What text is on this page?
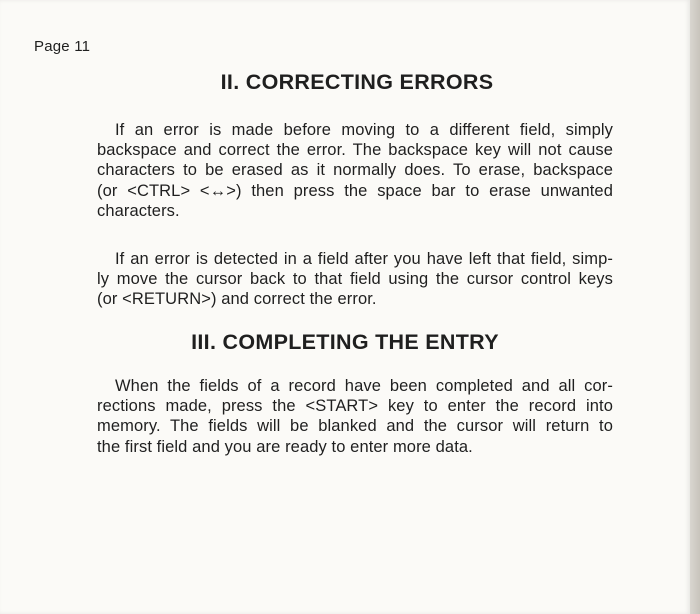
Page 11
II. CORRECTING ERRORS
If an error is made before moving to a different field, simply
backspace and correct the error. The backspace key will not cause
characters to be erased as it normally does. To erase, backspace
(or <CTRL> <↔>) then press the space bar to erase unwanted
characters.
If an error is detected in a field after you have left that field, simp-
ly move the cursor back to that field using the cursor control keys
(or <RETURN>) and correct the error.
III. COMPLETING THE ENTRY
When the fields of a record have been completed and all cor-
rections made, press the <START> key to enter the record into
memory. The fields will be blanked and the cursor will return to
the first field and you are ready to enter more data.
